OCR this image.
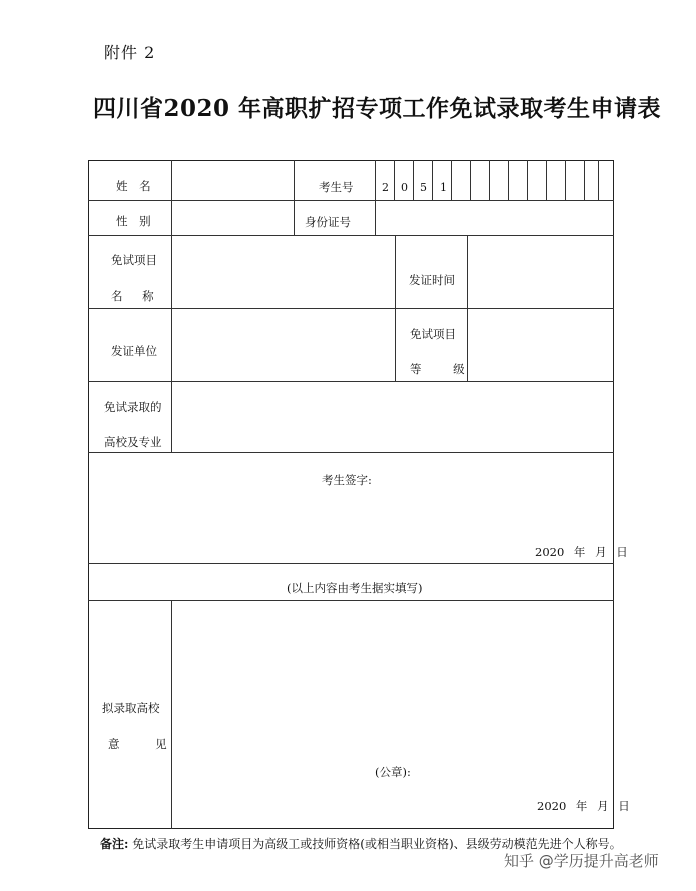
附件 2
四川省2020 年高职扩招专项工作免试录取考生申请表
2 0 5 1
姓 名	考生号
性 别	身份证号
免试项目
名 称
发证时间
发证单位
免试项目
等 级
免试录取的
高校及专业
考生签字:
2020 年 月 日
(以上内容由考生据实填写)
拟录取高校
意 见
(公章):
2020 年 月 日
备注: 免试录取考生申请项目为高级工或技师资格(或相当职业资格)、县级劳动模范先进个人称号。
知乎 @学历提升高老师
